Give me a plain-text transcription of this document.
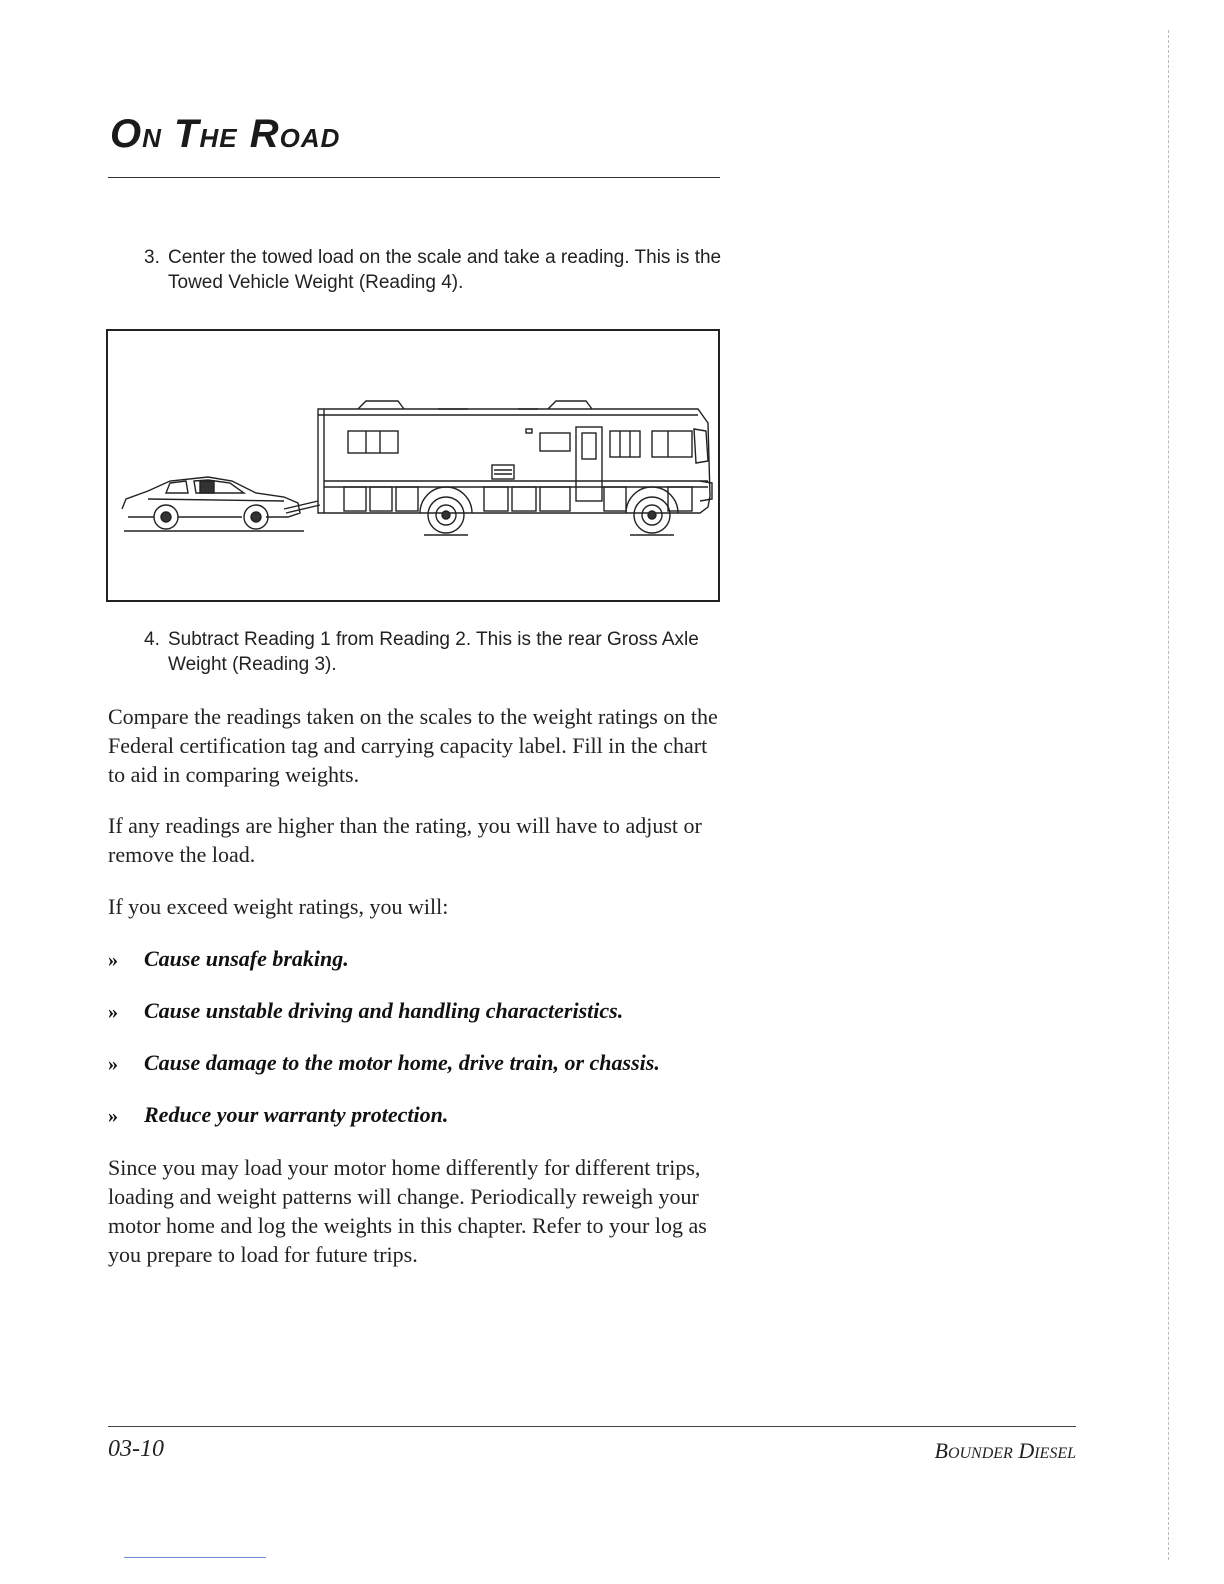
ON THE ROAD
3. Center the towed load on the scale and take a reading. This is the Towed Vehicle Weight (Reading 4).
4. Subtract Reading 1 from Reading 2. This is the rear Gross Axle Weight (Reading 3).

Compare the readings taken on the scales to the weight ratings on the Federal certification tag and carrying capacity label. Fill in the chart to aid in comparing weights.

If any readings are higher than the rating, you will have to adjust or remove the load.

If you exceed weight ratings, you will:

» Cause unsafe braking.
» Cause unstable driving and handling characteristics.
» Cause damage to the motor home, drive train, or chassis.
» Reduce your warranty protection.

Since you may load your motor home differently for different trips, loading and weight patterns will change. Periodically reweigh your motor home and log the weights in this chapter. Refer to your log as you prepare to load for future trips.

03-10	BOUNDER DIESEL
